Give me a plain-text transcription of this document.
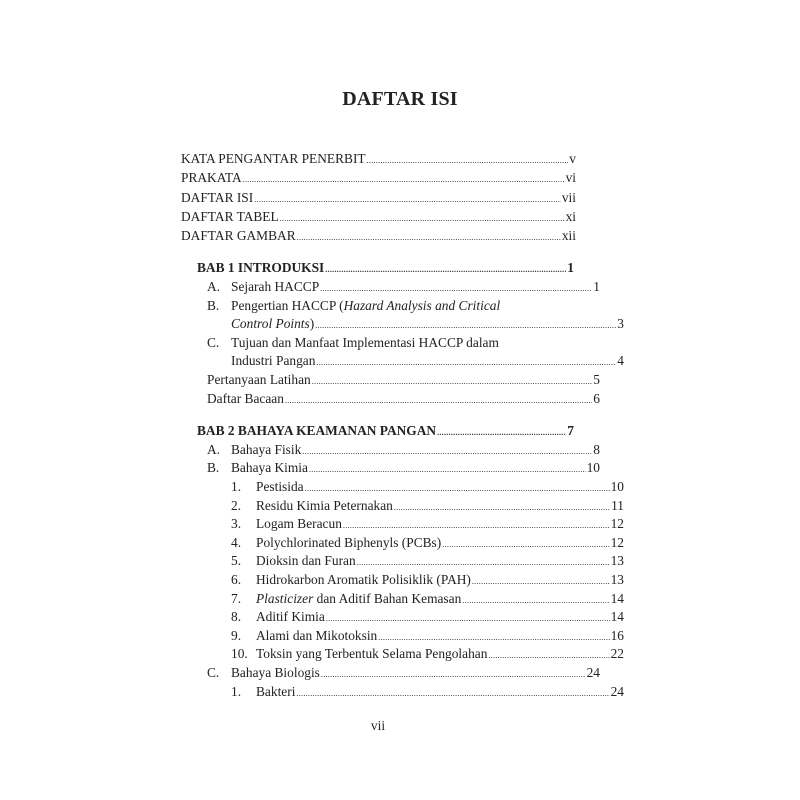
DAFTAR ISI
KATA PENGANTAR PENERBIT .....	v
PRAKATA .....	vi
DAFTAR ISI .....	vii
DAFTAR TABEL .....	xi
DAFTAR GAMBAR .....	xii
BAB 1 INTRODUKSI .....	1
A. Sejarah HACCP .....	1
B. Pengertian HACCP (Hazard Analysis and Critical
Control Points) .....	3
C. Tujuan dan Manfaat Implementasi HACCP dalam
Industri Pangan .....	4
Pertanyaan Latihan .....	5
Daftar Bacaan .....	6
BAB 2 BAHAYA KEAMANAN PANGAN .....	7
A. Bahaya Fisik .....	8
B. Bahaya Kimia .....	10
1.	Pestisida .....	10
2.	Residu Kimia Peternakan .....	11
3.	Logam Beracun .....	12
4.	Polychlorinated Biphenyls (PCBs) .....	12
5.	Dioksin dan Furan .....	13
6.	Hidrokarbon Aromatik Polisiklik (PAH) .....	13
7.	Plasticizer dan Aditif Bahan Kemasan .....	14
8.	Aditif Kimia .....	14
9.	Alami dan Mikotoksin .....	16
10. Toksin yang Terbentuk Selama Pengolahan .....	22
C. Bahaya Biologis .....	24
1.	Bakteri .....	24
vii
